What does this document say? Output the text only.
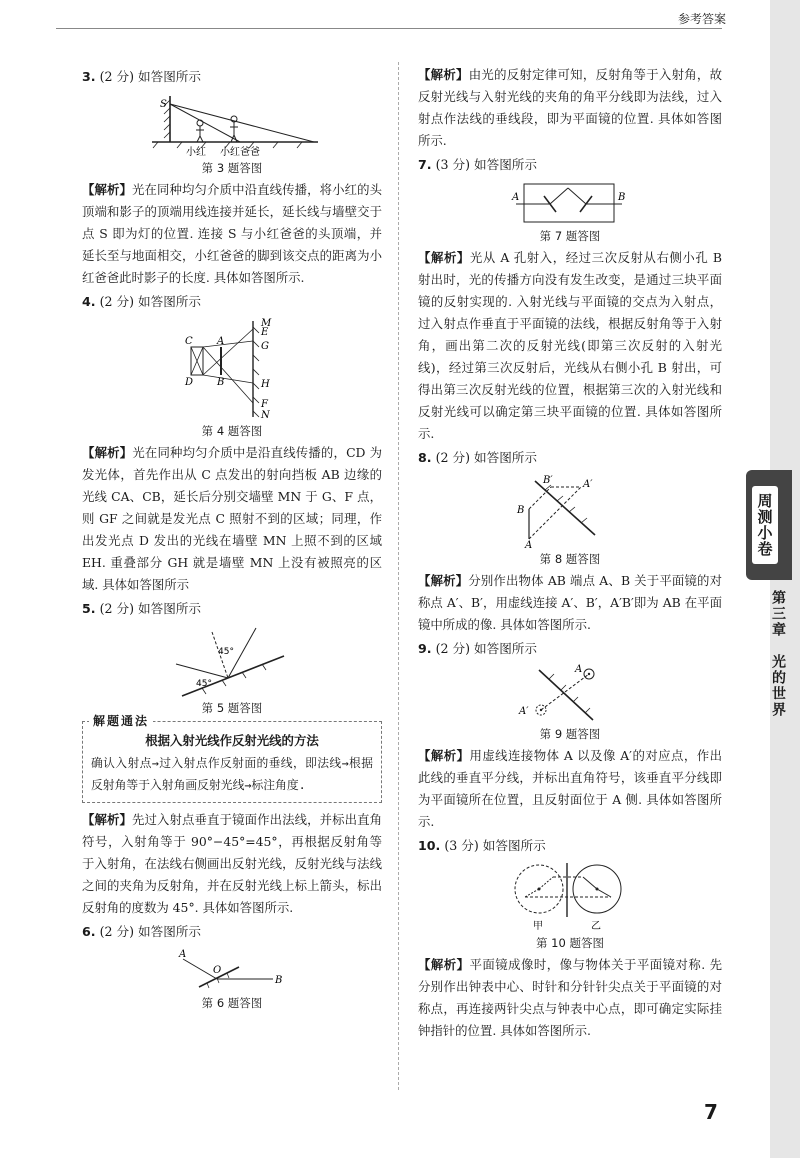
参考答案
3. (2 分) 如答图所示
S
小红 小红爸爸
第 3 题答图

【解析】光在同种均匀介质中沿直线传播，将小红的头顶端和影子的顶端用线连接并延长，延长线与墙壁交于点 S 即为灯的位置. 连接 S 与小红爸爸的头顶端，并延长至与地面相交，小红爸爸的脚到该交点的距离为小红爸爸此时影子的长度. 具体如答图所示.

4. (2 分) 如答图所示
C A
D B
M
E
G
H
F
N
第 4 题答图

【解析】光在同种均匀介质中是沿直线传播的，CD 为发光体，首先作出从 C 点发出的射向挡板 AB 边缘的光线 CA、CB，延长后分别交墙壁 MN 于 G、F 点，则 GF 之间就是发光点 C 照射不到的区域；同理，作出发光点 D 发出的光线在墙壁 MN 上照不到的区域 EH. 重叠部分 GH 就是墙壁 MN 上没有被照亮的区域. 具体如答图所示

5. (2 分) 如答图所示
45°
45°
第 5 题答图
解题通法
根据入射光线作反射光线的方法

确认入射点→过入射点作反射面的垂线，即法线→根据反射角等于入射角画反射光线→标注角度.

【解析】先过入射点垂直于镜面作出法线，并标出直角符号，入射角等于 90°−45°=45°，再根据反射角等于入射角，在法线右侧画出反射光线，反射光线与法线之间的夹角为反射角，并在反射光线上标上箭头，标出反射角的度数为 45°. 具体如答图所示.

6. (2 分) 如答图所示
A
O
B
第 6 题答图

【解析】由光的反射定律可知，反射角等于入射角，故反射光线与入射光线的夹角的角平分线即为法线，过入射点作法线的垂线段，即为平面镜的位置. 具体如答图所示.

7. (3 分) 如答图所示
A	B
第 7 题答图

【解析】光从 A 孔射入，经过三次反射从右侧小孔 B 射出时，光的传播方向没有发生改变，是通过三块平面镜的反射实现的. 入射光线与平面镜的交点为入射点，过入射点作垂直于平面镜的法线，根据反射角等于入射角，画出第二次的反射光线(即第三次反射的入射光线)，经过第三次反射后，光线从右侧小孔 B 射出，可得出第三次反射光线的位置，根据第三次的入射光线和反射光线可以确定第三块平面镜的位置. 具体如答图所示.

8. (2 分) 如答图所示
B′	A′
B
A
第 8 题答图

【解析】分别作出物体 AB 端点 A、B 关于平面镜的对称点 A′、B′，用虚线连接 A′、B′，A′B′即为 AB 在平面镜中所成的像. 具体如答图所示.

9. (2 分) 如答图所示
A
A′
第 9 题答图

【解析】用虚线连接物体 A 以及像 A′的对应点，作出此线的垂直平分线，并标出直角符号，该垂直平分线即为平面镜所在位置，且反射面位于 A 侧. 具体如答图所示.

10. (3 分) 如答图所示
甲	乙
第 10 题答图

【解析】平面镜成像时，像与物体关于平面镜对称. 先分别作出钟表中心、时针和分针针尖点关于平面镜的对称点，再连接两针尖点与钟表中心点，即可确定实际挂钟指针的位置. 具体如答图所示.

周测小卷
第三章
光的世界
7
